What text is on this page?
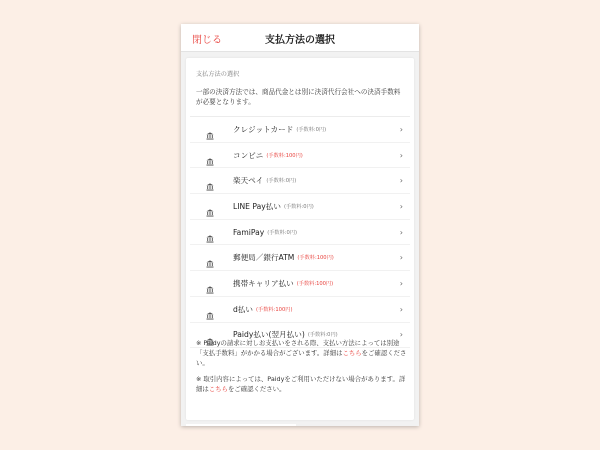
閉じる	支払方法の選択
支払方法の選択
一部の決済方法では、商品代金とは別に決済代行会社への決済手数料が必要となります。
クレジットカード (手数料:0円)	›
コンビニ (手数料:100円)	›
楽天ペイ (手数料:0円)	›
LINE Pay払い (手数料:0円)	›
FamiPay (手数料:0円)	›
郵便局／銀行ATM (手数料:100円)	›
携帯キャリア払い (手数料:100円)	›
d払い (手数料:100円)	›
Paidy払い(翌月払い) (手数料:0円)	›
※ Paidyの請求に対しお支払いをされる際、支払い方法によっては別途「支払手数料」がかかる場合がございます。詳細はこちらをご確認ください。
※ 取引内容によっては、Paidyをご利用いただけない場合があります。詳細はこちらをご確認ください。
